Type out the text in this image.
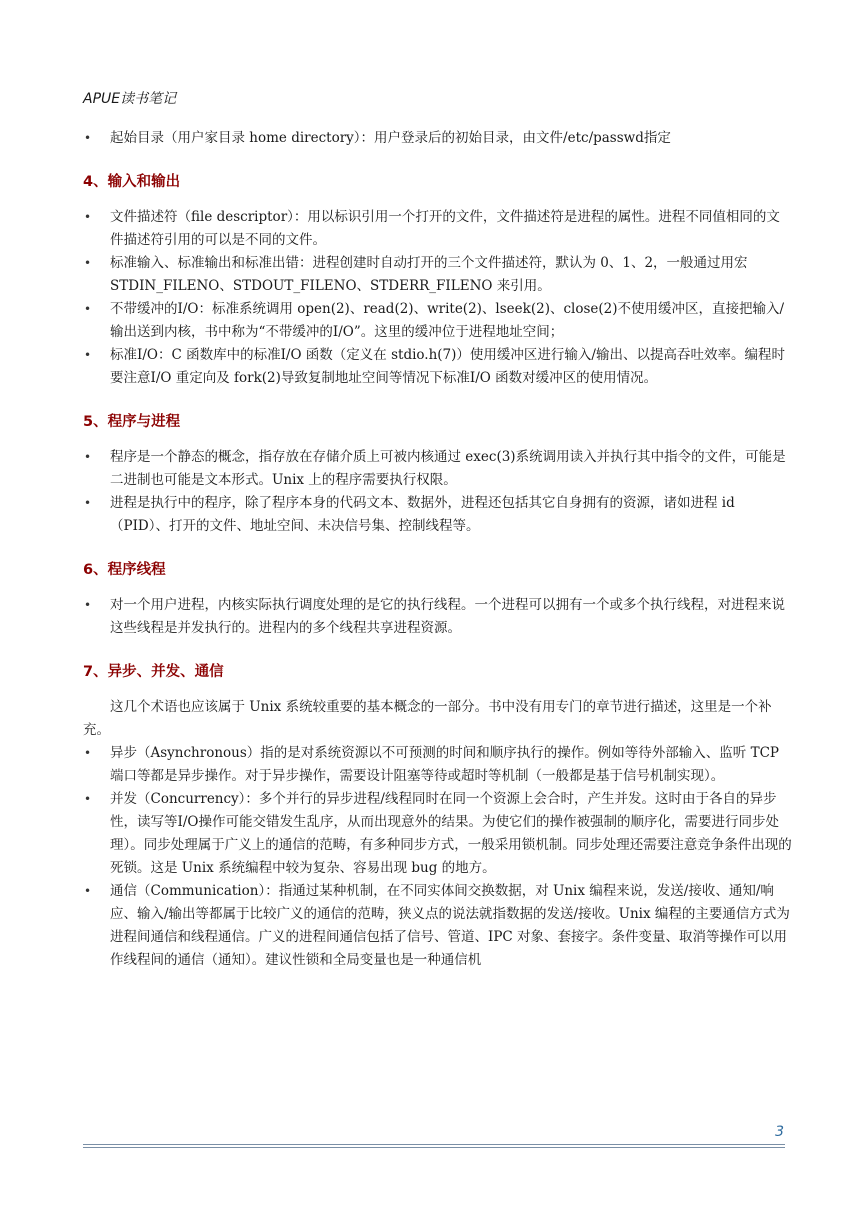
APUE读书笔记
• 起始目录（用户家目录 home directory）：用户登录后的初始目录，由文件/etc/passwd指定
4、输入和输出
• 文件描述符（file descriptor）：用以标识引用一个打开的文件，文件描述符是进程的属性。进程不同值相同的文件描述符引用的可以是不同的文件。
• 标准输入、标准输出和标准出错：进程创建时自动打开的三个文件描述符，默认为 0、1、2，一般通过用宏 STDIN_FILENO、STDOUT_FILENO、STDERR_FILENO 来引用。
• 不带缓冲的I/O：标准系统调用 open(2)、read(2)、write(2)、lseek(2)、close(2)不使用缓冲区，直接把输入/输出送到内核，书中称为“不带缓冲的I/O”。这里的缓冲位于进程地址空间；
• 标准I/O：C 函数库中的标准I/O 函数（定义在 stdio.h(7)）使用缓冲区进行输入/输出、以提高吞吐效率。编程时要注意I/O 重定向及 fork(2)导致复制地址空间等情况下标准I/O 函数对缓冲区的使用情况。
5、程序与进程
• 程序是一个静态的概念，指存放在存储介质上可被内核通过 exec(3)系统调用读入并执行其中指令的文件，可能是二进制也可能是文本形式。Unix 上的程序需要执行权限。
• 进程是执行中的程序，除了程序本身的代码文本、数据外，进程还包括其它自身拥有的资源，诸如进程 id（PID）、打开的文件、地址空间、未决信号集、控制线程等。
6、程序线程
• 对一个用户进程，内核实际执行调度处理的是它的执行线程。一个进程可以拥有一个或多个执行线程，对进程来说这些线程是并发执行的。进程内的多个线程共享进程资源。
7、异步、并发、通信

这几个术语也应该属于 Unix 系统较重要的基本概念的一部分。书中没有用专门的章节进行描述，这里是一个补充。

• 异步（Asynchronous）指的是对系统资源以不可预测的时间和顺序执行的操作。例如等待外部输入、监听 TCP 端口等都是异步操作。对于异步操作，需要设计阻塞等待或超时等机制（一般都是基于信号机制实现）。
• 并发（Concurrency）：多个并行的异步进程/线程同时在同一个资源上会合时，产生并发。这时由于各自的异步性，读写等I/O操作可能交错发生乱序，从而出现意外的结果。为使它们的操作被强制的顺序化，需要进行同步处理）。同步处理属于广义上的通信的范畴，有多种同步方式，一般采用锁机制。同步处理还需要注意竞争条件出现的死锁。这是 Unix 系统编程中较为复杂、容易出现 bug 的地方。
• 通信（Communication）：指通过某种机制，在不同实体间交换数据，对 Unix 编程来说，发送/接收、通知/响应、输入/输出等都属于比较广义的通信的范畴，狭义点的说法就指数据的发送/接收。Unix 编程的主要通信方式为进程间通信和线程通信。广义的进程间通信包括了信号、管道、IPC 对象、套接字。条件变量、取消等操作可以用作线程间的通信（通知）。建议性锁和全局变量也是一种通信机
3
